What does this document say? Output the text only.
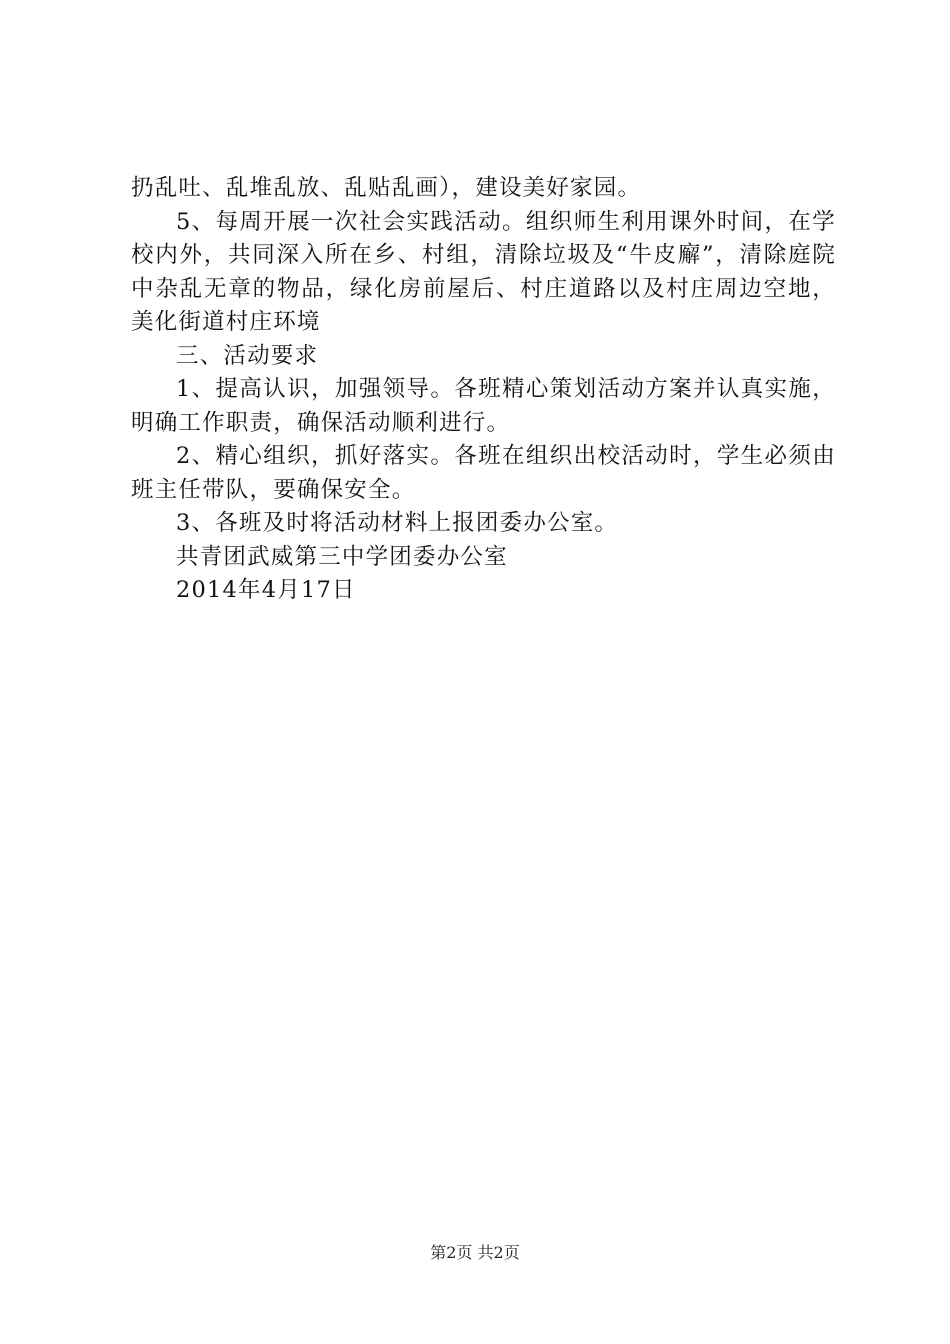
扔乱吐、乱堆乱放、乱贴乱画），建设美好家园。

5、每周开展一次社会实践活动。组织师生利用课外时间，在学校内外，共同深入所在乡、村组，清除垃圾及“牛皮廨”，清除庭院中杂乱无章的物品，绿化房前屋后、村庄道路以及村庄周边空地，美化街道村庄环境

三、活动要求

1、提高认识，加强领导。各班精心策划活动方案并认真实施，明确工作职责，确保活动顺利进行。

2、精心组织，抓好落实。各班在组织出校活动时，学生必须由班主任带队，要确保安全。

3、各班及时将活动材料上报团委办公室。

共青团武威第三中学团委办公室

2014年4月17日

第2页 共2页
